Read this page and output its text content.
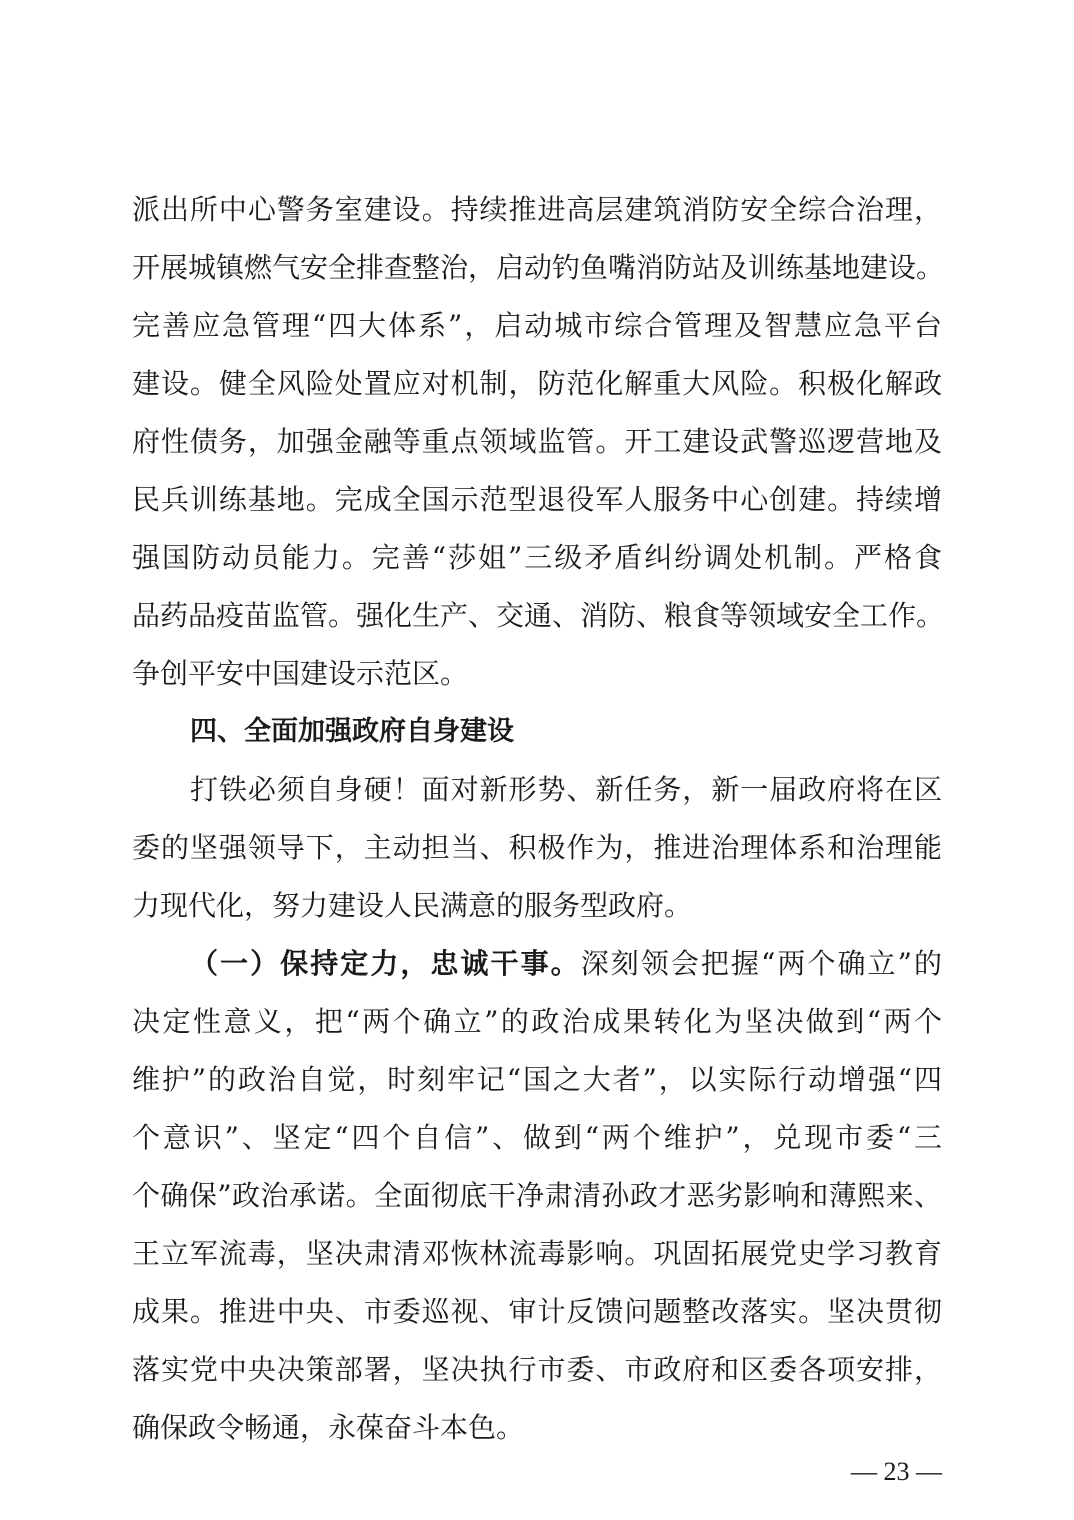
派出所中心警务室建设。持续推进高层建筑消防安全综合治理，
开展城镇燃气安全排查整治，启动钓鱼嘴消防站及训练基地建设。
完善应急管理“四大体系”，启动城市综合管理及智慧应急平台
建设。健全风险处置应对机制，防范化解重大风险。积极化解政
府性债务，加强金融等重点领域监管。开工建设武警巡逻营地及
民兵训练基地。完成全国示范型退役军人服务中心创建。持续增
强国防动员能力。完善“莎姐”三级矛盾纠纷调处机制。严格食
品药品疫苗监管。强化生产、交通、消防、粮食等领域安全工作。
争创平安中国建设示范区。
四、全面加强政府自身建设
打铁必须自身硬！面对新形势、新任务，新一届政府将在区
委的坚强领导下，主动担当、积极作为，推进治理体系和治理能
力现代化，努力建设人民满意的服务型政府。
（一）保持定力，忠诚干事。深刻领会把握“两个确立”的
决定性意义，把“两个确立”的政治成果转化为坚决做到“两个
维护”的政治自觉，时刻牢记“国之大者”，以实际行动增强“四
个意识”、坚定“四个自信”、做到“两个维护”，兑现市委“三
个确保”政治承诺。全面彻底干净肃清孙政才恶劣影响和薄熙来、
王立军流毒，坚决肃清邓恢林流毒影响。巩固拓展党史学习教育
成果。推进中央、市委巡视、审计反馈问题整改落实。坚决贯彻
落实党中央决策部署，坚决执行市委、市政府和区委各项安排，
确保政令畅通，永葆奋斗本色。
— 23 —
